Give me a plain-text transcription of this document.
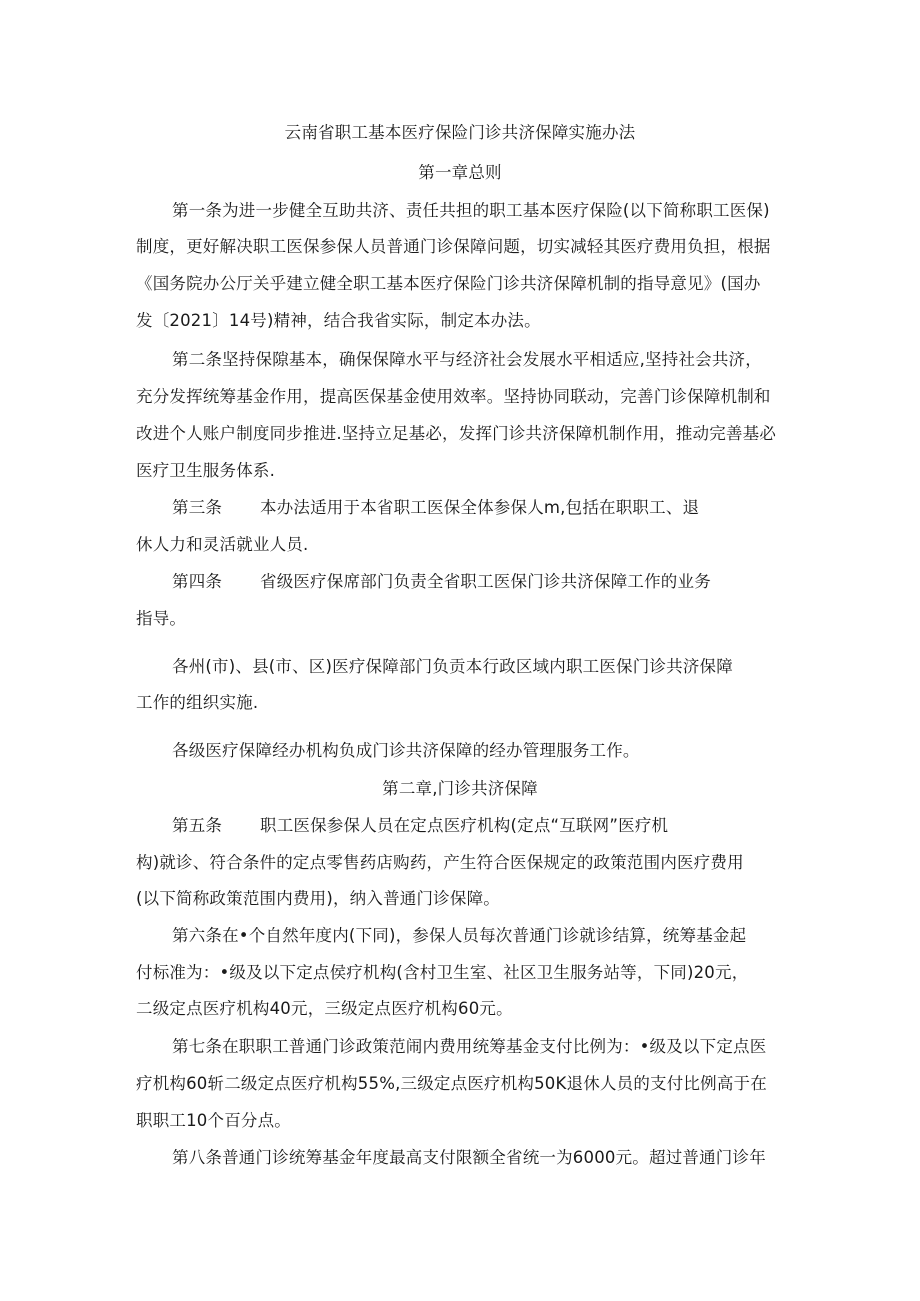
云南省职工基本医疗保险门诊共济保障实施办法
第一章总则
第一条为进一步健全互助共济、责任共担的职工基本医疗保险(以下简称职工医保)
制度，更好解决职工医保参保人员普通门诊保障问题，切实减轻其医疗费用负担，根据
《国务院办公厅关乎建立健全职工基本医疗保险门诊共济保障机制的指导意见》(国办
发〔2021〕14号)精神，结合我省实际，制定本办法。
第二条坚持保隙基本，确保保障水平与经济社会发展水平相适应,坚持社会共济，
充分发挥统筹基金作用，提高医保基金使用效率。坚持协同联动，完善门诊保障机制和
改进个人账户制度同步推进.坚持立足基必，发挥门诊共济保障机制作用，推动完善基必
医疗卫生服务体系.
第三条 本办法适用于本省职工医保全体参保人m,包括在职职工、退
休人力和灵活就业人员.
第四条 省级医疗保席部门负责全省职工医保门诊共济保障工作的业务
指导。
各州(市)、县(市、区)医疗保障部门负贡本行政区域内职工医保门诊共济保障
工作的组织实施.
各级医疗保障经办机构负成门诊共济保障的经办管理服务工作。
第二章,门诊共济保障
第五条 职工医保参保人员在定点医疗机构(定点“互联网”医疗机
构)就诊、符合条件的定点零售药店购药，产生符合医保规定的政策范围内医疗费用
(以下简称政策范围内费用)，纳入普通门诊保障。
第六条在•个自然年度内(下同)，参保人员每次普通门诊就诊结算，统筹基金起
付标准为：•级及以下定点侯疗机构(含村卫生室、社区卫生服务站等，下同)20元，
二级定点医疗机构40元，三级定点医疗机构60元。
第七条在职职工普通门诊政策范闹内费用统筹基金支付比例为：•级及以下定点医
疗机构60斩二级定点医疗机构55%,三级定点医疗机构50K退休人员的支付比例高于在
职职工10个百分点。
第八条普通门诊统筹基金年度最高支付限额全省统一为6000元。超过普通门诊年
